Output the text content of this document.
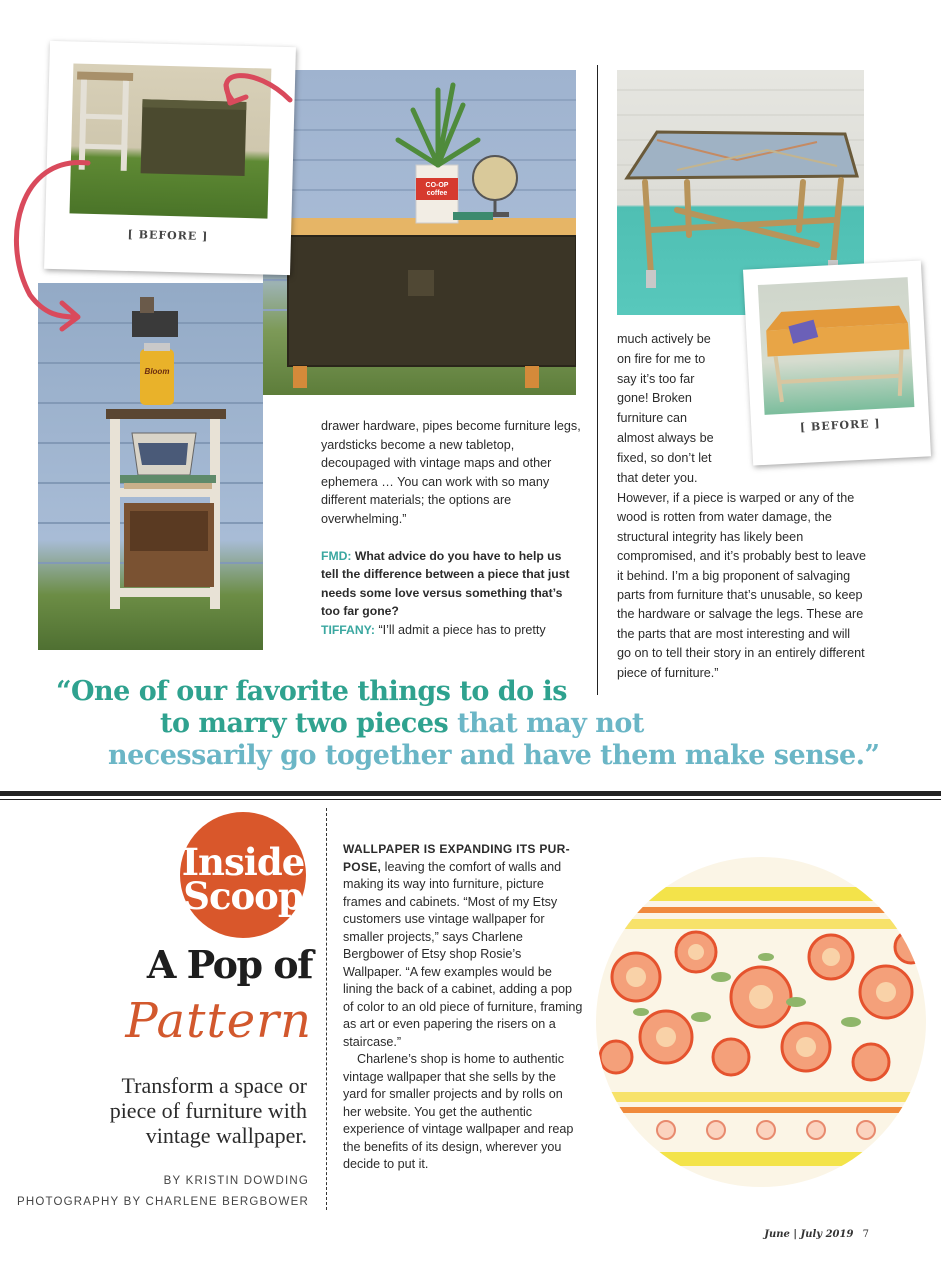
CO-OP coffee
Bloom
[ BEFORE ]
drawer hardware, pipes become furniture legs, yardsticks become a new tabletop, decoupaged with vintage maps and other ephemera … You can work with so many different materials; the options are overwhelming.”
FMD: What advice do you have to help us tell the difference between a piece that just needs some love versus something that’s too far gone?
TIFFANY: “I’ll admit a piece has to pretty
[ BEFORE ]
much actively be
on fire for me to
say it’s too far
gone! Broken
furniture can
almost always be
fixed, so don’t let
that deter you.
However, if a piece is warped or any of the wood is rotten from water damage, the structural integrity has likely been compromised, and it’s probably best to leave it behind. I’m a big proponent of salvaging parts from furniture that’s unusable, so keep the hardware or salvage the legs. These are the parts that are most interesting and will go on to tell their story in an entirely different piece of furniture.”
“One of our favorite things to do is
to marry two pieces that may not
necessarily go together and have them make sense.”
Inside
Scoop
A Pop of
Pattern
Transform a space or piece of furniture with vintage wallpaper.
BY KRISTIN DOWDING
PHOTOGRAPHY BY CHARLENE BERGBOWER
WALLPAPER IS EXPANDING ITS PUR- POSE, leaving the comfort of walls and making its way into furniture, picture frames and cabinets. “Most of my Etsy customers use vintage wallpaper for smaller projects,” says Charlene Bergbower of Etsy shop Rosie’s Wallpaper. “A few examples would be lining the back of a cabinet, adding a pop of color to an old piece of furniture, framing as art or even papering the risers on a staircase.”
Charlene’s shop is home to authentic vintage wallpaper that she sells by the yard for smaller projects and by rolls on her website. You get the authentic experience of vintage wallpaper and reap the benefits of its design, wherever you decide to put it.
June | July 2019 7
